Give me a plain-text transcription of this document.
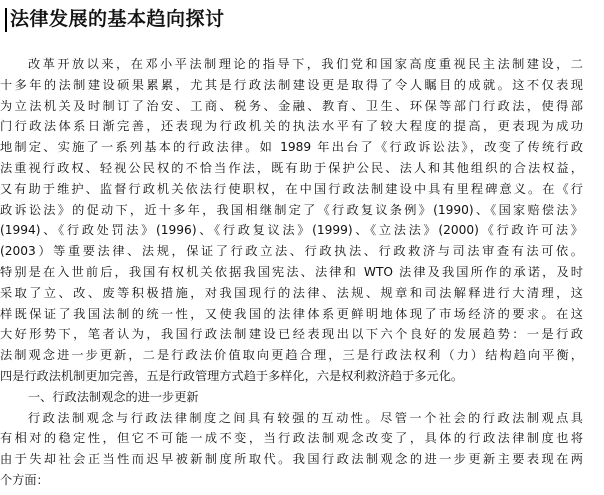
法律发展的基本趋向探讨
改革开放以来，在邓小平法制理论的指导下，我们党和国家高度重视民主法制建设，二
十多年的法制建设硕果累累，尤其是行政法制建设更是取得了令人瞩目的成就。这不仅表现
为立法机关及时制订了治安、工商、税务、金融、教育、卫生、环保等部门行政法，使得部
门行政法体系日渐完善，还表现为行政机关的执法水平有了较大程度的提高，更表现为成功
地制定、实施了一系列基本的行政法律。如 1989 年出台了《行政诉讼法》，改变了传统行政
法重视行政权、轻视公民权的不恰当作法，既有助于保护公民、法人和其他组织的合法权益，
又有助于维护、监督行政机关依法行使职权，在中国行政法制建设中具有里程碑意义。在《行
政诉讼法》的促动下，近十多年，我国相继制定了《行政复议条例》(1990)、《国家赔偿法》
(1994)、《行政处罚法》(1996)、《行政复议法》(1999)、《立法法》(2000)《行政许可法》
(2003）等重要法律、法规，保证了行政立法、行政执法、行政救济与司法审查有法可依。
特别是在入世前后，我国有权机关依据我国宪法、法律和 WTO 法律及我国所作的承诺，及时
采取了立、改、废等积极措施，对我国现行的法律、法规、规章和司法解释进行大清理，这
样既保证了我国法制的统一性，又使我国的法律体系更鲜明地体现了市场经济的要求。在这
大好形势下，笔者认为，我国行政法制建设已经表现出以下六个良好的发展趋势：一是行政
法制观念进一步更新，二是行政法价值取向更趋合理，三是行政法权利（力）结构趋向平衡，
四是行政法机制更加完善，五是行政管理方式趋于多样化，六是权利救济趋于多元化。
一、行政法制观念的进一步更新
行政法制观念与行政法律制度之间具有较强的互动性。尽管一个社会的行政法制观点具
有相对的稳定性，但它不可能一成不变，当行政法制观念改变了，具体的行政法律制度也将
由于失却社会正当性而迟早被新制度所取代。我国行政法制观念的进一步更新主要表现在两
个方面：
